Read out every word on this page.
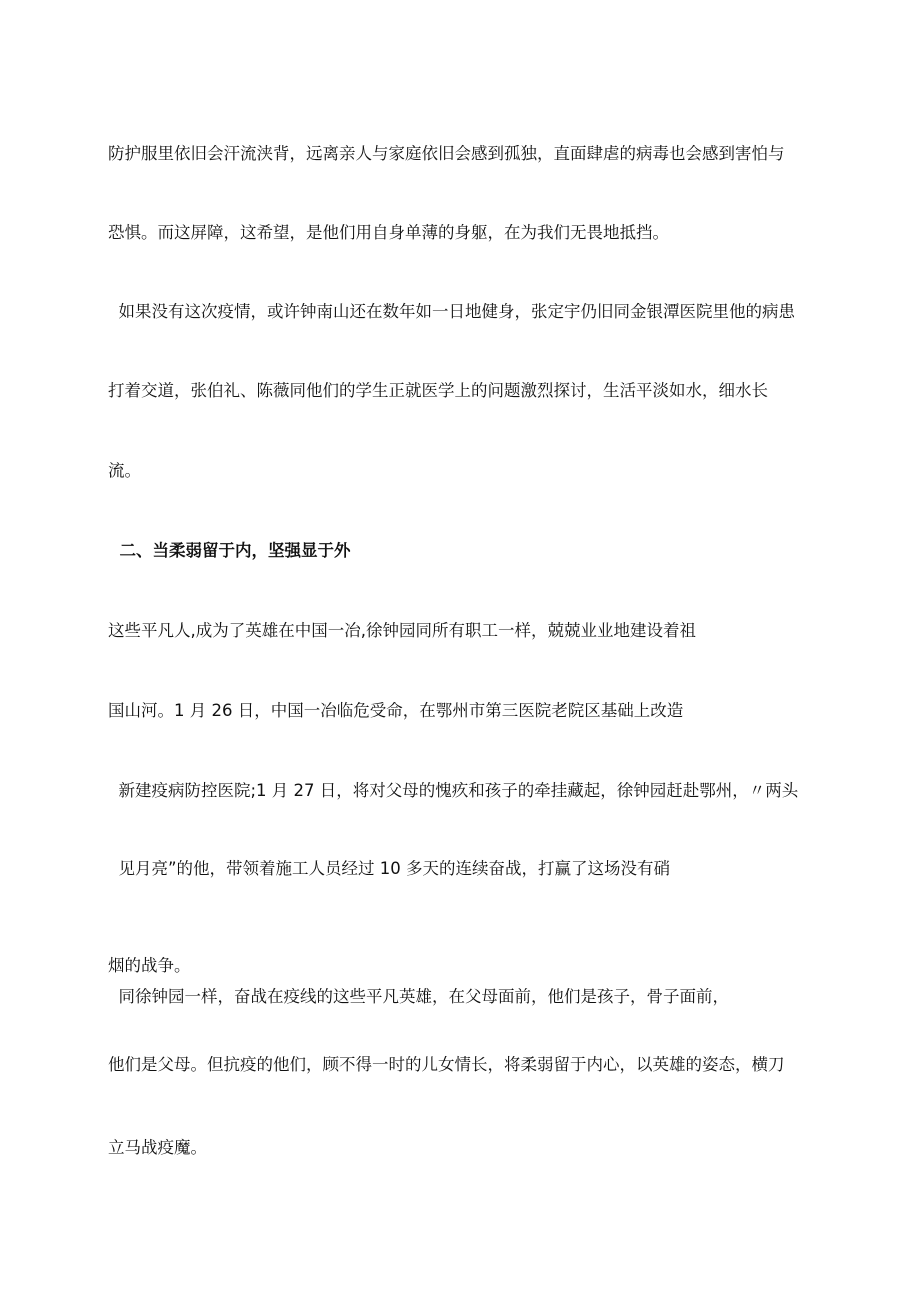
防护服里依旧会汗流浃背，远离亲人与家庭依旧会感到孤独，直面肆虐的病毒也会感到害怕与
恐惧。而这屏障，这希望，是他们用自身单薄的身躯，在为我们无畏地抵挡。
如果没有这次疫情，或许钟南山还在数年如一日地健身，张定宇仍旧同金银潭医院里他的病患
打着交道，张伯礼、陈薇同他们的学生正就医学上的问题激烈探讨，生活平淡如水，细水长
流。
二、当柔弱留于内，坚强显于外
这些平凡人,成为了英雄在中国一冶,徐钟园同所有职工一样，兢兢业业地建设着祖
国山河。1 月 26 日，中国一冶临危受命，在鄂州市第三医院老院区基础上改造
新建疫病防控医院;1 月 27 日，将对父母的愧疚和孩子的牵挂藏起，徐钟园赶赴鄂州，〃两头
见月亮”的他，带领着施工人员经过 10 多天的连续奋战，打赢了这场没有硝
烟的战争。
同徐钟园一样，奋战在疫线的这些平凡英雄，在父母面前，他们是孩子，骨子面前，
他们是父母。但抗疫的他们，顾不得一时的儿女情长，将柔弱留于内心，以英雄的姿态，横刀
立马战疫魔。
